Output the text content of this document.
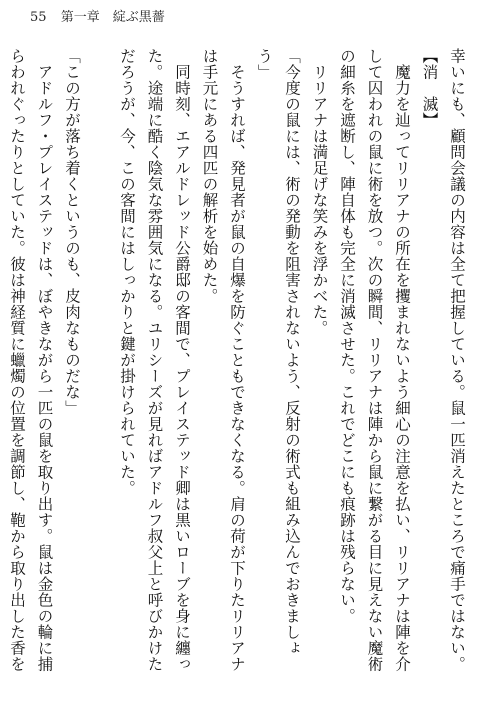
55 第一章　綻ぶ黒薔

幸いにも、顧問会議の内容は全て把握している。鼠一匹消えたところで痛手ではない。

【消　滅】

魔力を辿ってリリアナの所在を攫まれないよう細心の注意を払い、リリアナは陣を介して囚われの鼠に術を放つ。次の瞬間、リリアナは陣から鼠に繋がる目に見えない魔術の細糸を遮断し、陣自体も完全に消滅させた。これでどこにも痕跡は残らない。

リリアナは満足げな笑みを浮かべた。

「今度の鼠には、術の発動を阻害されないよう、反射の術式も組み込んでおきましょう」

そうすれば、発見者が鼠の自爆を防ぐこともできなくなる。肩の荷が下りたリリアナは手元にある四匹の解析を始めた。

同時刻、エアルドレッド公爵邸の客間で、プレイステッド卿は黒いローブを身に纏った。途端に酷く陰気な雰囲気になる。ユリシーズが見ればアドルフ叔父上と呼びかけただろうが、今、この客間にはしっかりと鍵が掛けられていた。

「この方が落ち着くというのも、皮肉なものだな」

アドルフ・プレイステッドは、ぼやきながら一匹の鼠を取り出す。鼠は金色の輪に捕らわれぐったりとしていた。彼は神経質に蠟燭の位置を調節し、鞄から取り出した香を
